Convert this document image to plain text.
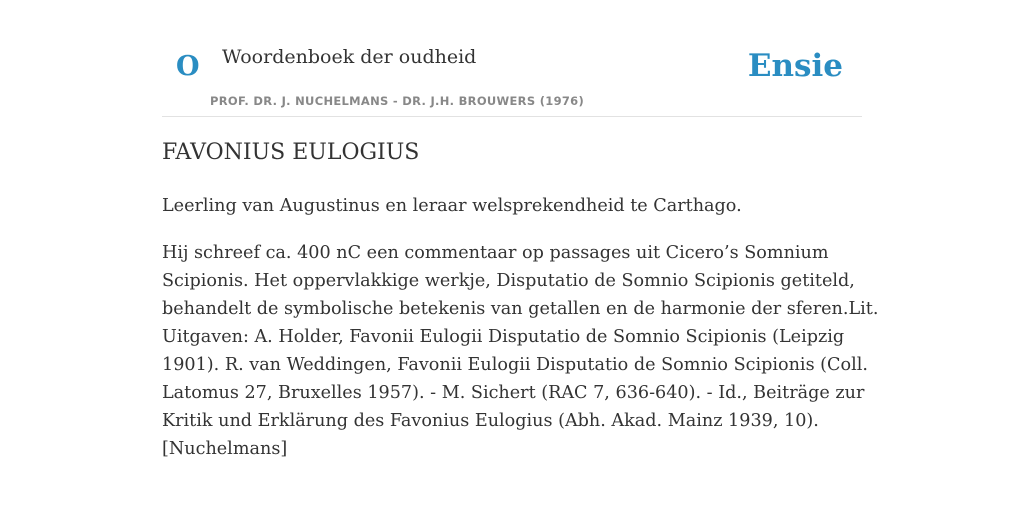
O Woordenboek der oudheid
PROF. DR. J. NUCHELMANS - DR. J.H. BROUWERS (1976)
Ensie
FAVONIUS EULOGIUS

Leerling van Augustinus en leraar welsprekendheid te Carthago.

Hij schreef ca. 400 nC een commentaar op passages uit Cicero’s Somnium
Scipionis. Het oppervlakkige werkje, Disputatio de Somnio Scipionis getiteld,
behandelt de symbolische betekenis van getallen en de harmonie der sferen.Lit.
Uitgaven: A. Holder, Favonii Eulogii Disputatio de Somnio Scipionis (Leipzig
1901). R. van Weddingen, Favonii Eulogii Disputatio de Somnio Scipionis (Coll.
Latomus 27, Bruxelles 1957). - M. Sichert (RAC 7, 636-640). - Id., Beiträge zur
Kritik und Erklärung des Favonius Eulogius (Abh. Akad. Mainz 1939, 10).
[Nuchelmans]
